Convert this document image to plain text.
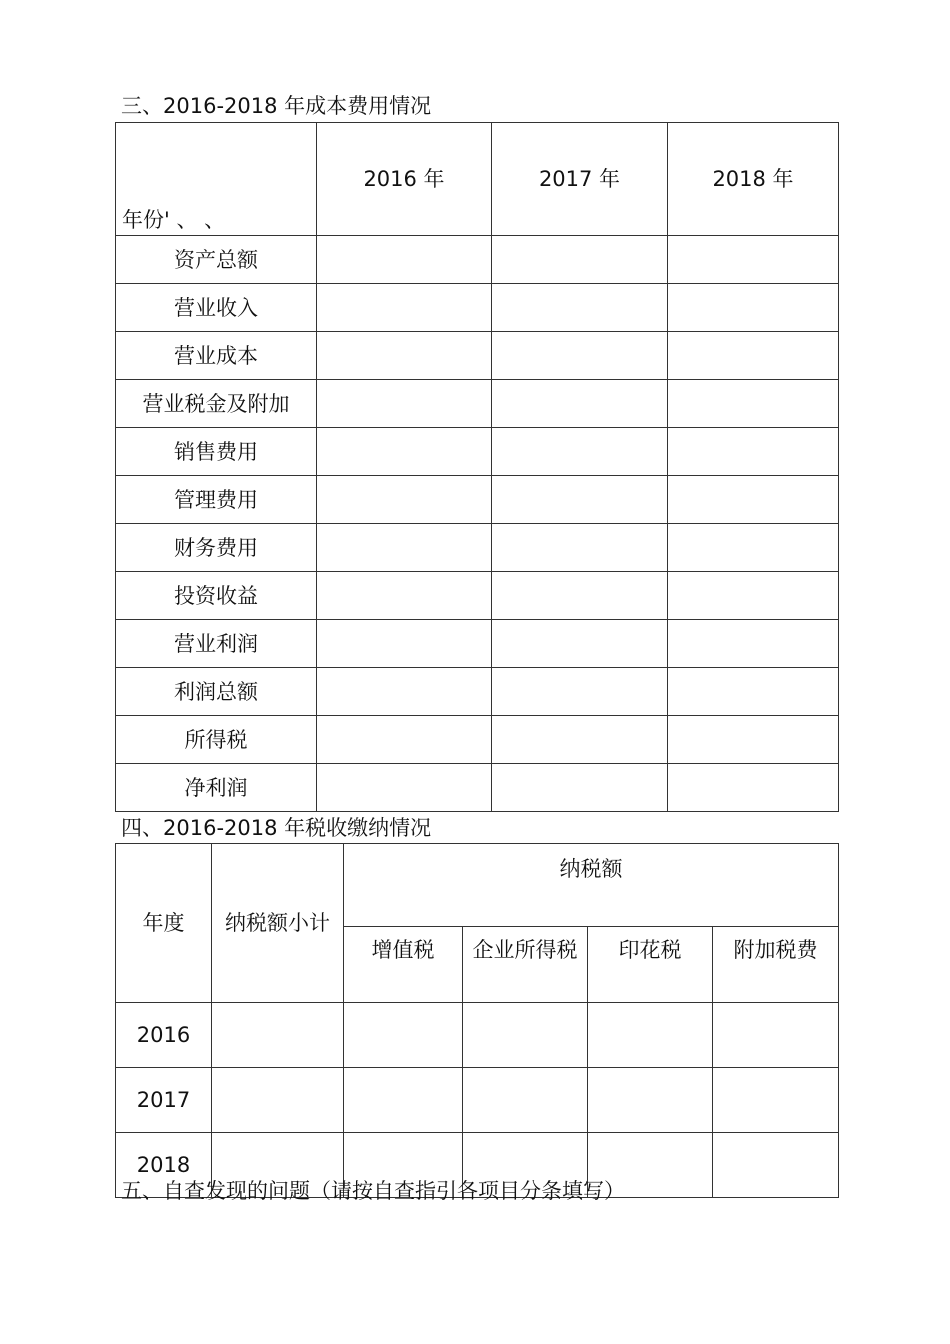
三、2016-2018 年成本费用情况
年份' 、 、	2016 年	2017 年	2018 年
资产总额			
营业收入			
营业成本			
营业税金及附加			
销售费用			
管理费用			
财务费用			
投资收益			
营业利润			
利润总额			
所得税			
净利润			
四、2016-2018 年税收缴纳情况
年度	纳税额小计	纳税额			
		增值税	企业所得税	印花税	附加税费
2016					
2017					
2018					
五、自查发现的问题（请按自查指引各项目分条填写）
